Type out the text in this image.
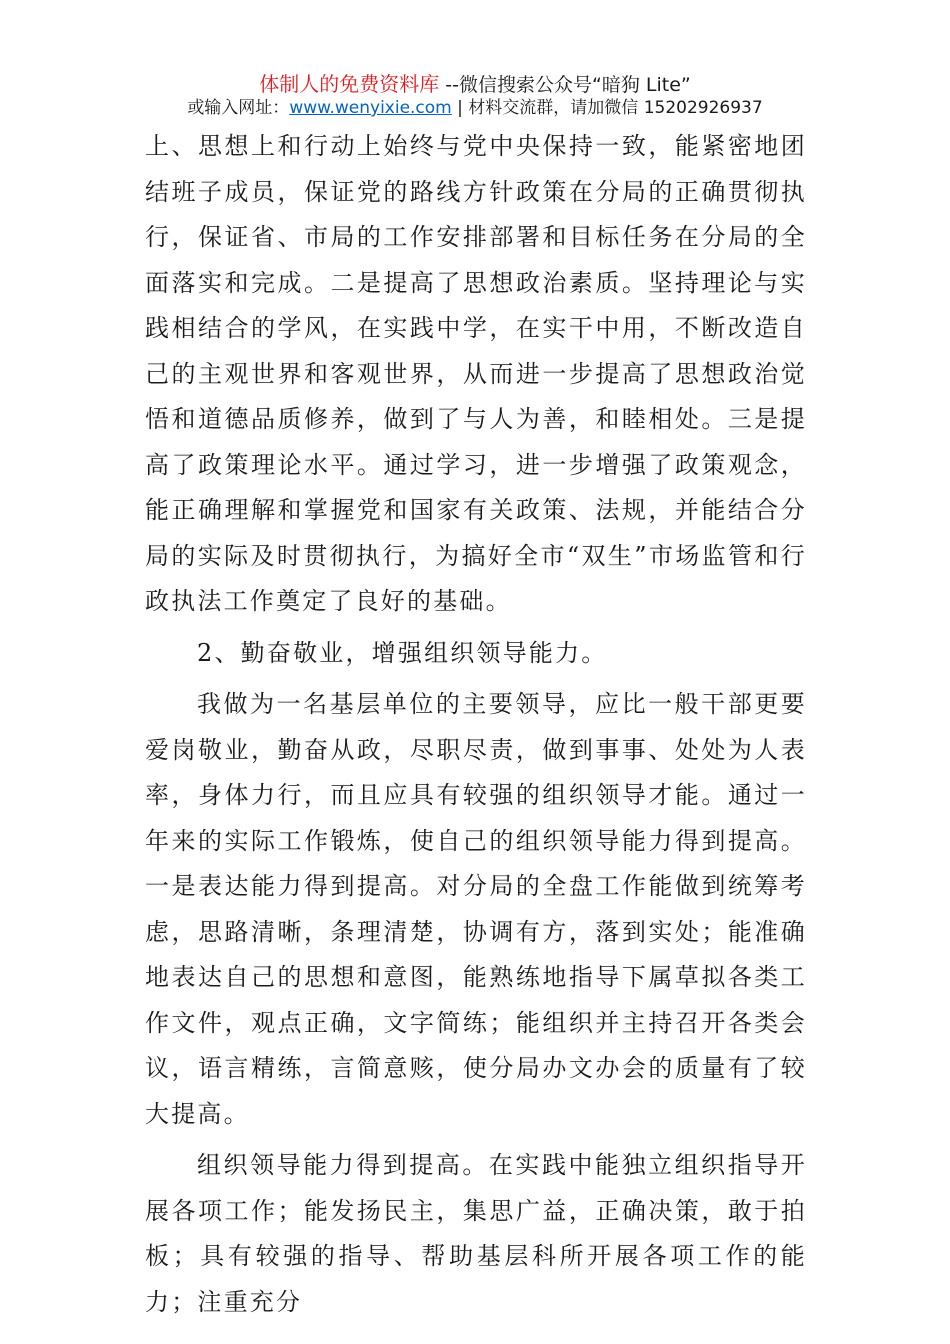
体制人的免费资料库 --微信搜索公众号“暗狗 Lite”
或输入网址：www.wenyixie.com | 材料交流群，请加微信 15202926937

上、思想上和行动上始终与党中央保持一致，能紧密地团结班子成员，保证党的路线方针政策在分局的正确贯彻执行，保证省、市局的工作安排部署和目标任务在分局的全面落实和完成。二是提高了思想政治素质。坚持理论与实践相结合的学风，在实践中学，在实干中用，不断改造自己的主观世界和客观世界，从而进一步提高了思想政治觉悟和道德品质修养，做到了与人为善，和睦相处。三是提高了政策理论水平。通过学习，进一步增强了政策观念，能正确理解和掌握党和国家有关政策、法规，并能结合分局的实际及时贯彻执行，为搞好全市“双生”市场监管和行政执法工作奠定了良好的基础。

2、勤奋敬业，增强组织领导能力。

我做为一名基层单位的主要领导，应比一般干部更要爱岗敬业，勤奋从政，尽职尽责，做到事事、处处为人表率，身体力行，而且应具有较强的组织领导才能。通过一年来的实际工作锻炼，使自己的组织领导能力得到提高。一是表达能力得到提高。对分局的全盘工作能做到统筹考虑，思路清晰，条理清楚，协调有方，落到实处；能准确地表达自己的思想和意图，能熟练地指导下属草拟各类工作文件，观点正确，文字简练；能组织并主持召开各类会议，语言精练，言简意赅，使分局办文办会的质量有了较大提高。

组织领导能力得到提高。在实践中能独立组织指导开展各项工作；能发扬民主，集思广益，正确决策，敢于拍板；具有较强的指导、帮助基层科所开展各项工作的能力；注重充分
